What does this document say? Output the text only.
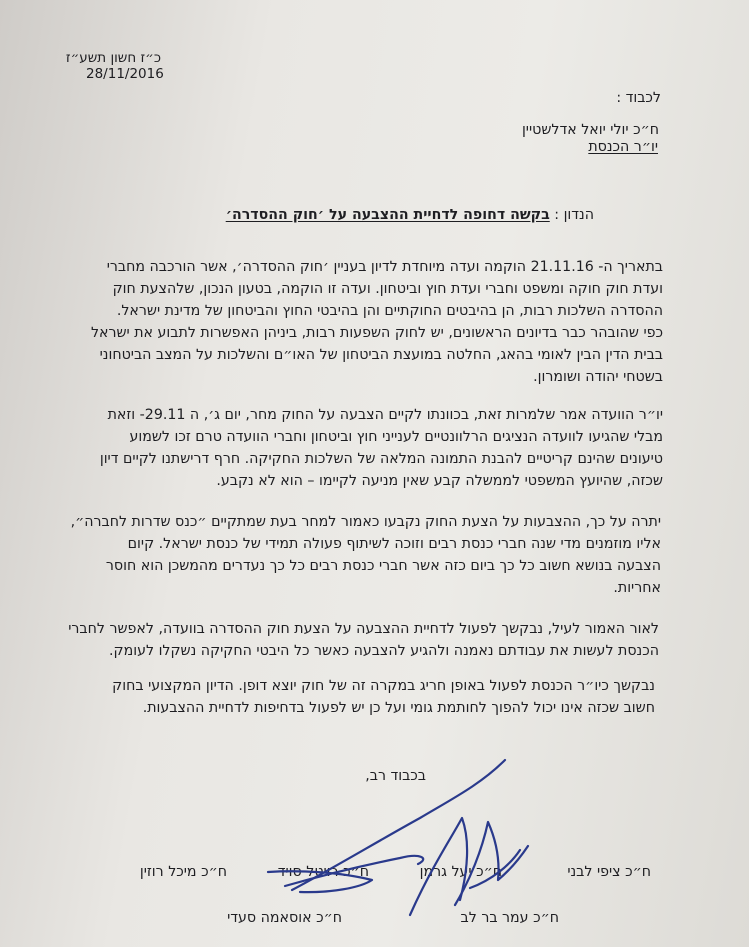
כ״ז חשון תשע״ז
28/11/2016
לכבוד :
ח״כ יולי יואל אדלשטיין
יו״ר הכנסת
הנדון : בקשה דחופה לדחיית ההצבעה על ׳חוק ההסדרה׳
בתאריך ה- 21.11.16 הוקמה ועדה מיוחדת לדיון בעניין ׳חוק ההסדרה׳, אשר הורכבה מחברי
ועדת חוק חוקה ומשפט וחברי ועדת חוץ וביטחון. ועדה זו הוקמה, בטעון הנכון, שלהצעת חוק
ההסדרה השלכות רבות, הן בהיבטים החוקתיים והן בהיבטי החוץ והביטחון של מדינת ישראל.
כפי שהובהר כבר בדיונים הראשונים, יש לחוק השפעות רבות, ביניהן האפשרות לתבוע את ישראל
בבית הדין הבין לאומי בהאג, החלטה במועצת הביטחון של האו״ם והשלכות על המצב הביטחוני
בשטחי יהודה ושומרון.
יו״ר הוועדה אמר שלמרות זאת, בכוונתו לקיים הצבעה על החוק מחר, יום ג׳, ה 29.11- וזאת
מבלי שהגיעו לוועדה הנציגים הרלוונטיים לענייני חוץ וביטחון וחברי הוועדה טרם זכו לשמוע
טיעונים שהינם קריטיים להבנת התמונה המלאה של השלכות החקיקה. חרף דרישתנו לקיים דיון
שכזה, שהיועץ המשפטי לממשלה קבע שאין מניעה לקיימו – הוא לא נקבע.
יתרה על כך, ההצבעות על הצעת החוק נקבעו כאמור למחר בעת שמתקיים ״כנס שדרות לחברה״,
אליו מוזמנים מדי שנה חברי כנסת רבים וזוכה לשיתוף פעולה תמידי של כנסת ישראל. קיום
הצבעה בנושא חשוב כל כך ביום כזה אשר חברי כנסת רבים כל כך נעדרים מהמשכן הוא חוסר
אחריות.
לאור האמור לעיל, נבקשך לפעול לדחיית ההצבעה על הצעת חוק ההסדרה בוועדה, לאפשר לחברי
הכנסת לעשות את עבודתם נאמנה ולהגיע להצבעה כאשר כל היבטי החקיקה נשקלו לעומק.
נבקשך כיו״ר הכנסת לפעול באופן חריג במקרה זה של חוק יוצא דופן. הדיון המקצועי בחוק
חשוב שכזה אינו יכול להפוך לחותמת גומי ועל כן יש לפעול בדחיפות לדחיית ההצבעות.
בכבוד רב,
ח״כ ציפי לבני
ח״כ יעל גרמן
ח״כ רויטל סויד
ח״כ מיכל רוזין
ח״כ עמר בר לב
ח״כ אוסאמה סעדי
